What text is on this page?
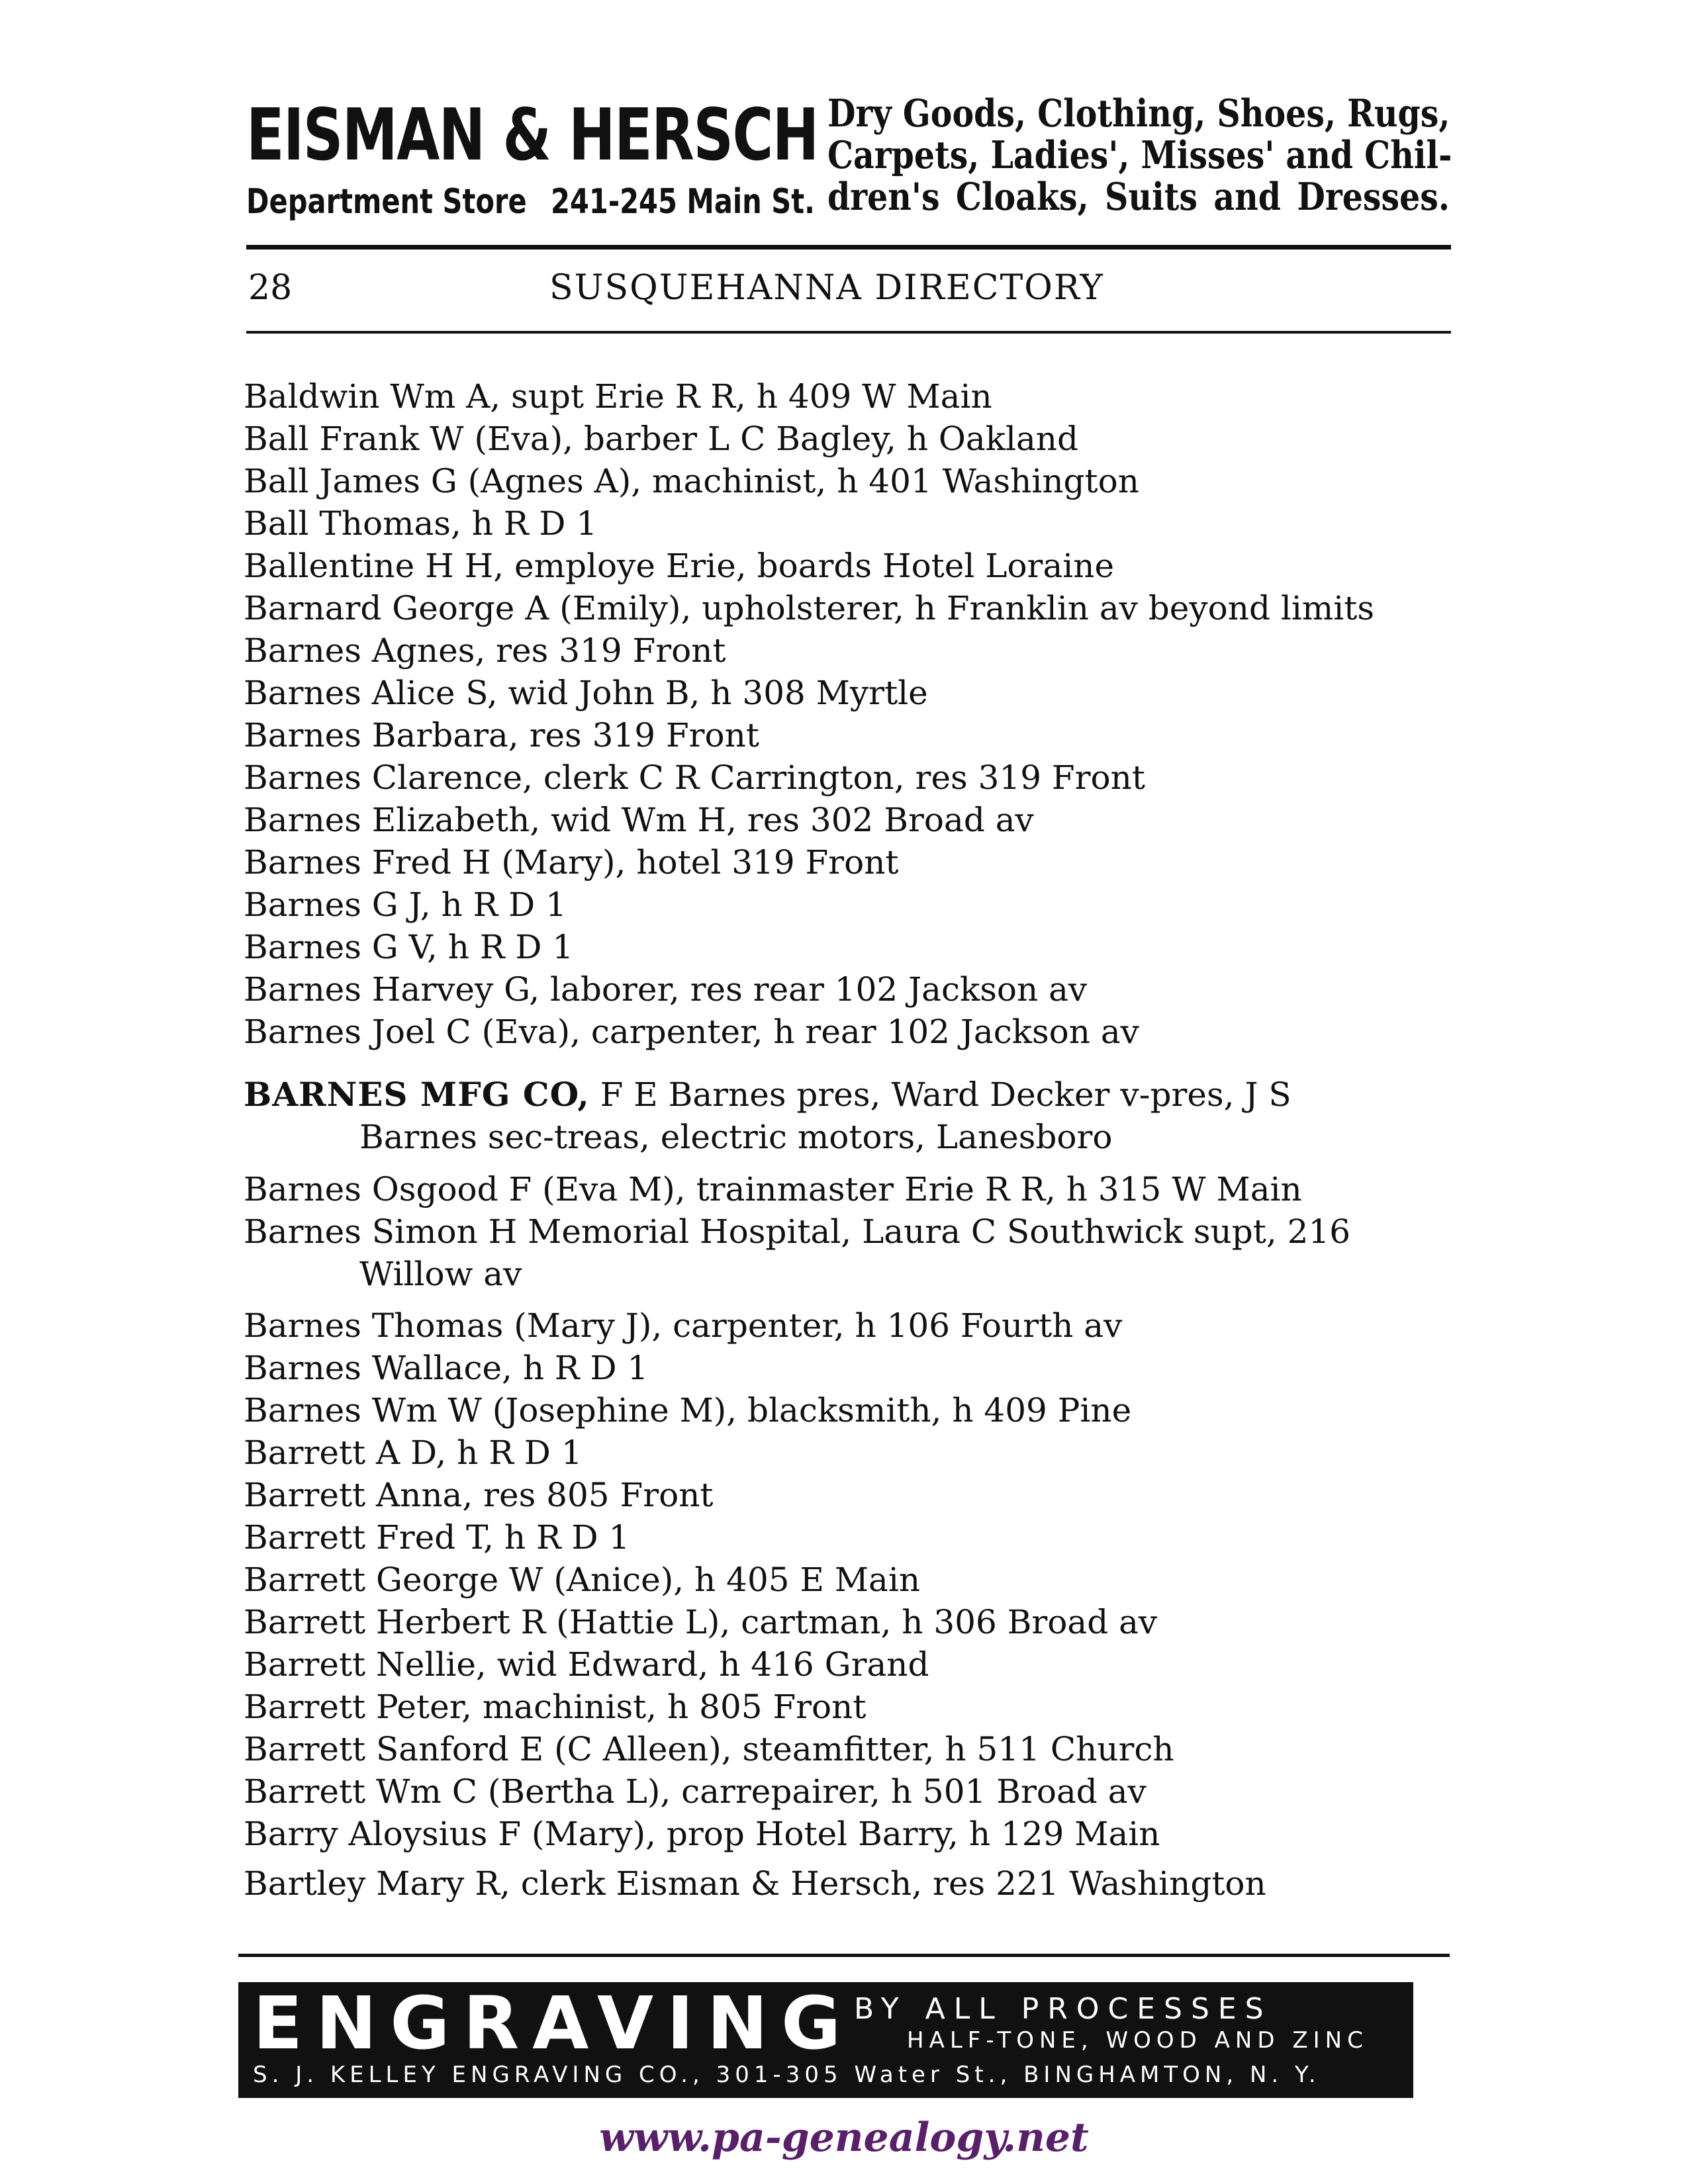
EISMAN & HERSCH
Department Store 241-245 Main St.
Dry Goods, Clothing, Shoes, Rugs,
Carpets, Ladies', Misses' and Chil-
dren's Cloaks, Suits and Dresses.
28	SUSQUEHANNA DIRECTORY

Baldwin Wm A, supt Erie R R, h 409 W Main

Ball Frank W (Eva), barber L C Bagley, h Oakland

Ball James G (Agnes A), machinist, h 401 Washington

Ball Thomas, h R D 1

Ballentine H H, employe Erie, boards Hotel Loraine

Barnard George A (Emily), upholsterer, h Franklin av beyond limits

Barnes Agnes, res 319 Front

Barnes Alice S, wid John B, h 308 Myrtle

Barnes Barbara, res 319 Front

Barnes Clarence, clerk C R Carrington, res 319 Front

Barnes Elizabeth, wid Wm H, res 302 Broad av

Barnes Fred H (Mary), hotel 319 Front

Barnes G J, h R D 1

Barnes G V, h R D 1

Barnes Harvey G, laborer, res rear 102 Jackson av

Barnes Joel C (Eva), carpenter, h rear 102 Jackson av

BARNES MFG CO, F E Barnes pres, Ward Decker v-pres, J S
Barnes sec-treas, electric motors, Lanesboro

Barnes Osgood F (Eva M), trainmaster Erie R R, h 315 W Main

Barnes Simon H Memorial Hospital, Laura C Southwick supt, 216
Willow av

Barnes Thomas (Mary J), carpenter, h 106 Fourth av

Barnes Wallace, h R D 1

Barnes Wm W (Josephine M), blacksmith, h 409 Pine

Barrett A D, h R D 1

Barrett Anna, res 805 Front

Barrett Fred T, h R D 1

Barrett George W (Anice), h 405 E Main

Barrett Herbert R (Hattie L), cartman, h 306 Broad av

Barrett Nellie, wid Edward, h 416 Grand

Barrett Peter, machinist, h 805 Front

Barrett Sanford E (C Alleen), steamfitter, h 511 Church

Barrett Wm C (Bertha L), carrepairer, h 501 Broad av

Barry Aloysius F (Mary), prop Hotel Barry, h 129 Main

Bartley Mary R, clerk Eisman & Hersch, res 221 Washington

ENGRAVING BY ALL PROCESSES
HALF-TONE, WOOD AND ZINC
S. J. KELLEY ENGRAVING CO., 301-305 Water St., BINGHAMTON, N. Y.
www.pa-genealogy.net
